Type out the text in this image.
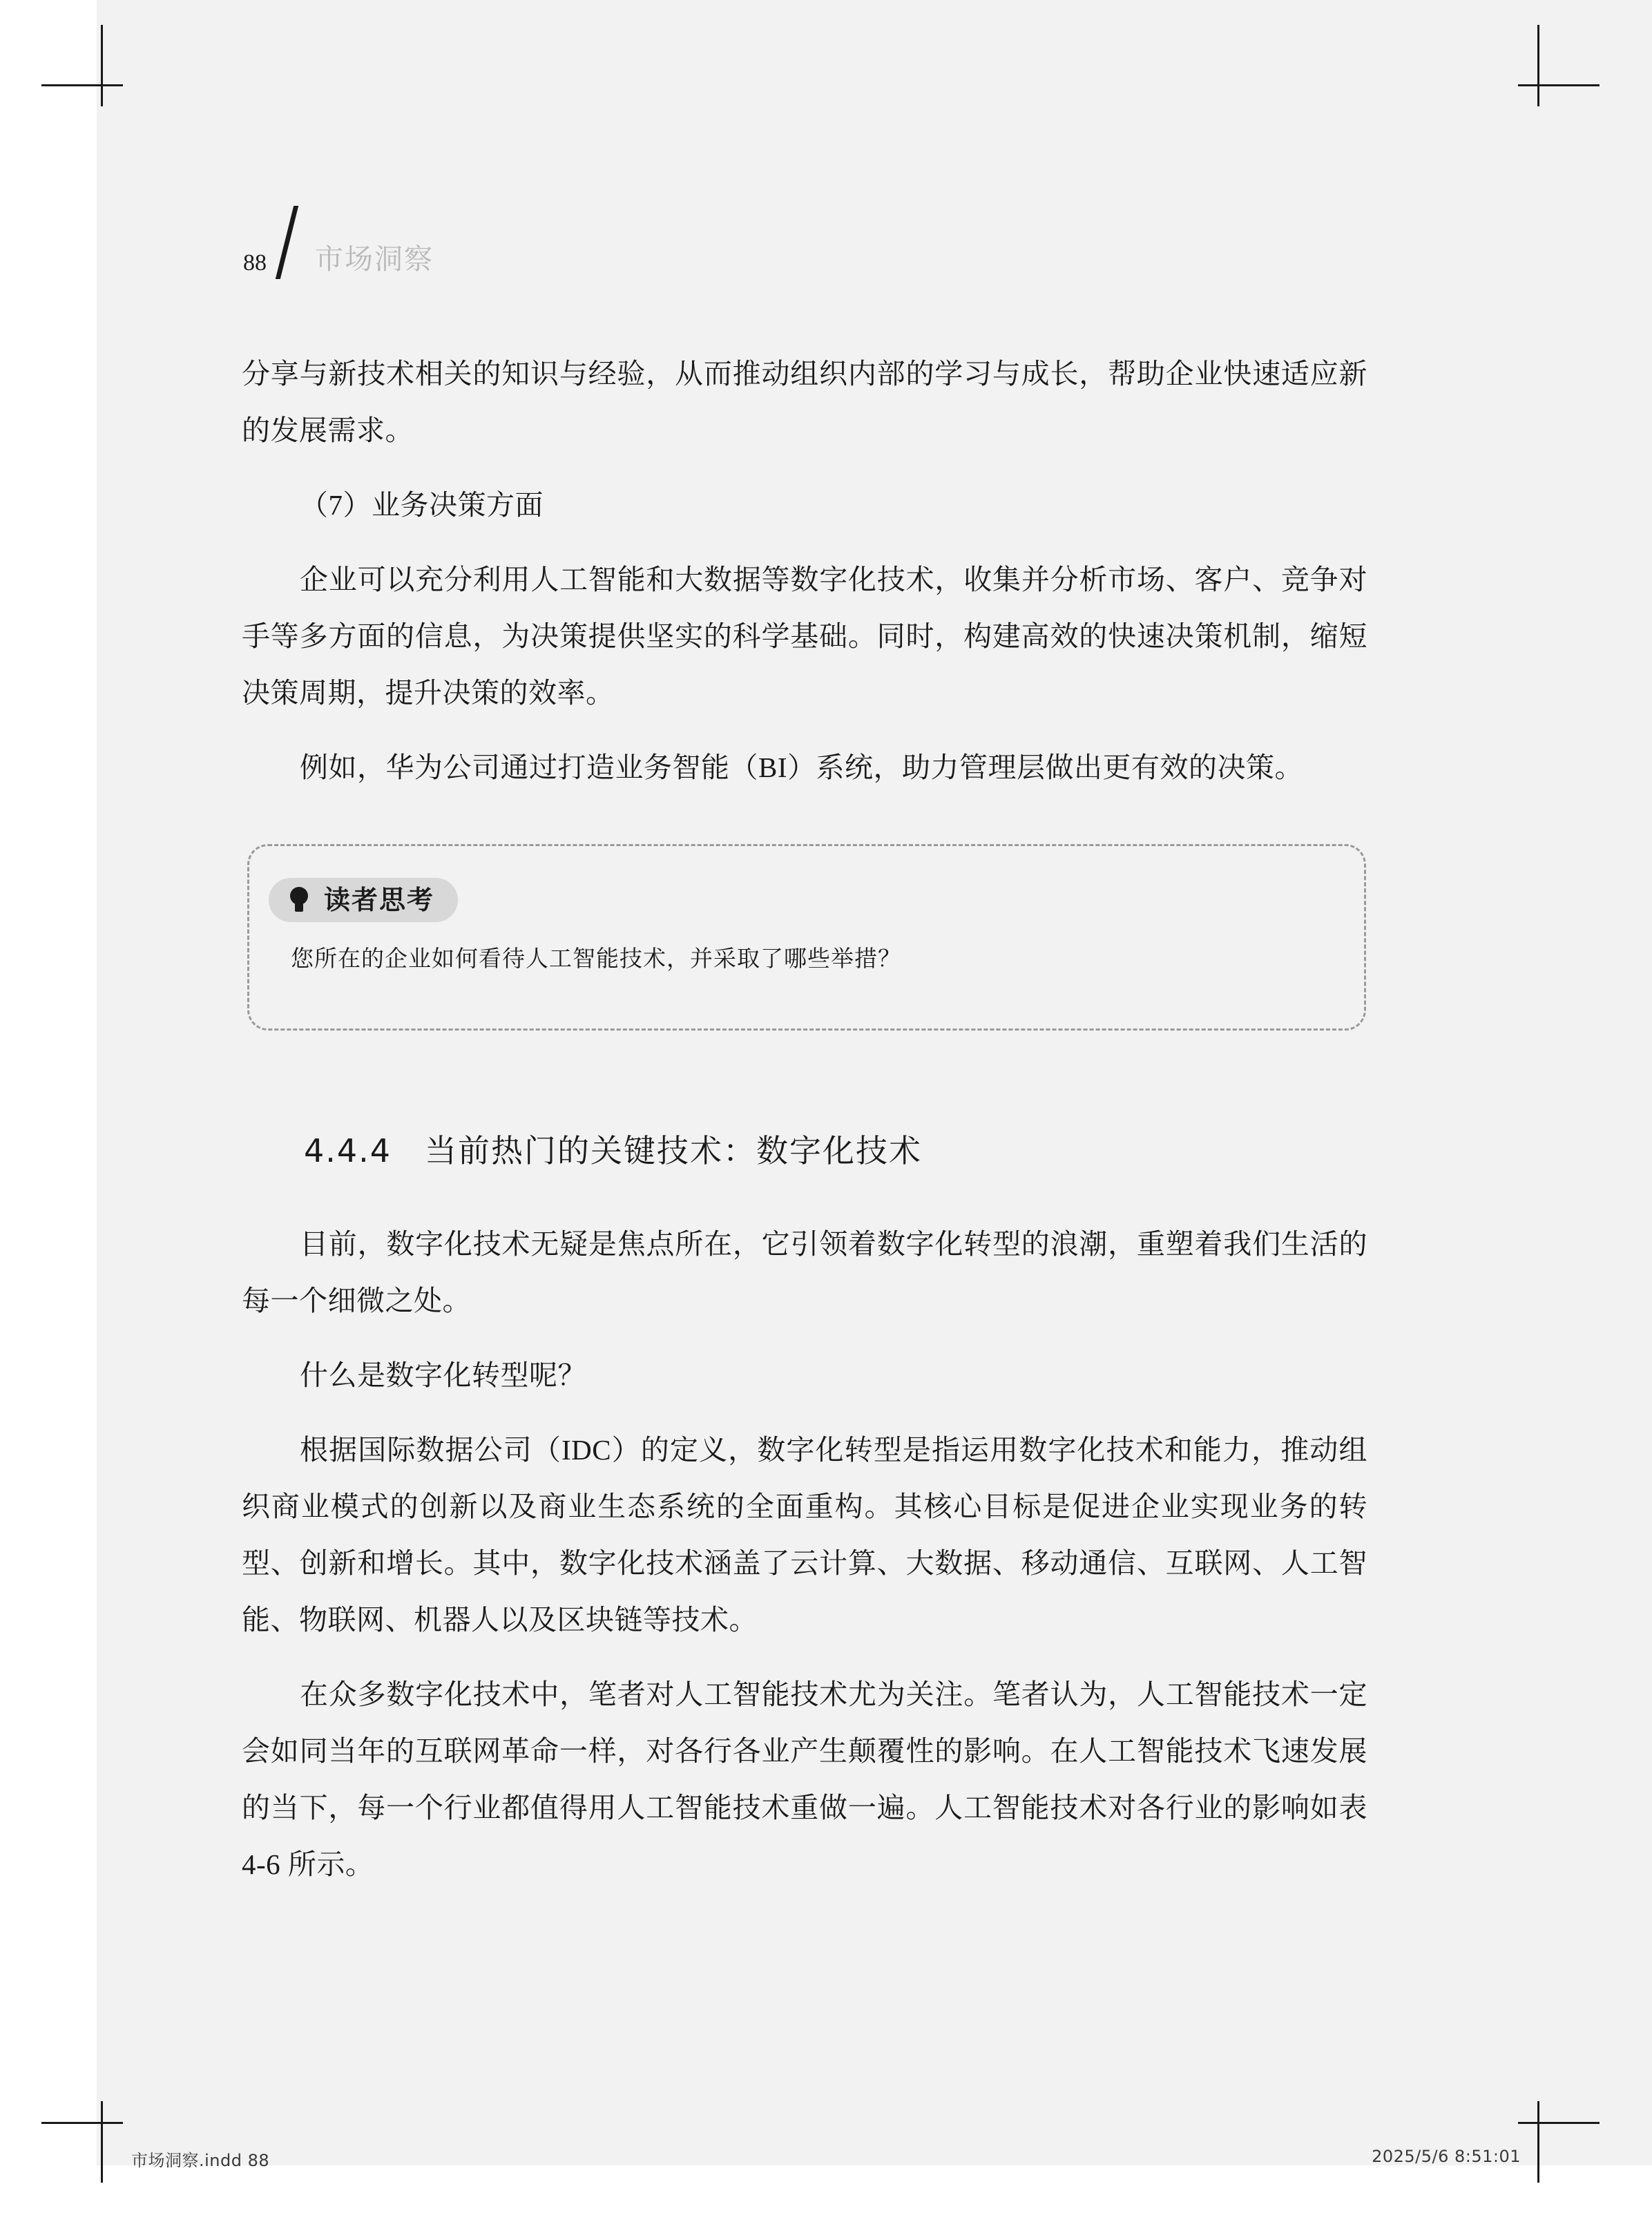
88 市场洞察

分享与新技术相关的知识与经验，从而推动组织内部的学习与成长，帮助企业快速适应新的发展需求。

（7）业务决策方面

企业可以充分利用人工智能和大数据等数字化技术，收集并分析市场、客户、竞争对手等多方面的信息，为决策提供坚实的科学基础。同时，构建高效的快速决策机制，缩短决策周期，提升决策的效率。

例如，华为公司通过打造业务智能（BI）系统，助力管理层做出更有效的决策。

读者思考
您所在的企业如何看待人工智能技术，并采取了哪些举措？
4.4.4　当前热门的关键技术：数字化技术

目前，数字化技术无疑是焦点所在，它引领着数字化转型的浪潮，重塑着我们生活的每一个细微之处。

什么是数字化转型呢？

根据国际数据公司（IDC）的定义，数字化转型是指运用数字化技术和能力，推动组织商业模式的创新以及商业生态系统的全面重构。其核心目标是促进企业实现业务的转型、创新和增长。其中，数字化技术涵盖了云计算、大数据、移动通信、互联网、人工智能、物联网、机器人以及区块链等技术。

在众多数字化技术中，笔者对人工智能技术尤为关注。笔者认为，人工智能技术一定会如同当年的互联网革命一样，对各行各业产生颠覆性的影响。在人工智能技术飞速发展的当下，每一个行业都值得用人工智能技术重做一遍。人工智能技术对各行业的影响如表 4-6 所示。

市场洞察.indd 88	2025/5/6 8:51:01
